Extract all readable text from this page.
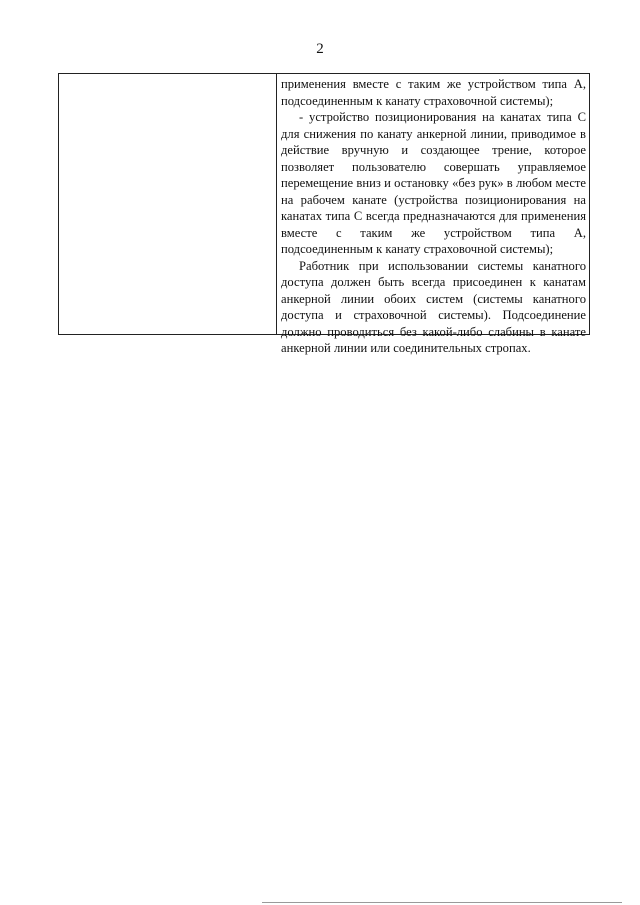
2

применения вместе с таким же устройством типа А, подсоединенным к канату страховочной системы);

- устройство позиционирования на канатах типа С для снижения по канату анкерной линии, приводимое в действие вручную и создающее трение, которое позволяет пользователю совершать управляемое перемещение вниз и остановку «без рук» в любом месте на рабочем канате (устройства позиционирования на канатах типа С всегда предназначаются для применения вместе с таким же устройством типа А, подсоединенным к канату страховочной системы);

Работник при использовании системы канатного доступа должен быть всегда присоединен к канатам анкерной линии обоих систем (системы канатного доступа и страховочной системы). Подсоединение должно проводиться без какой-либо слабины в канате анкерной линии или соединительных стропах.
